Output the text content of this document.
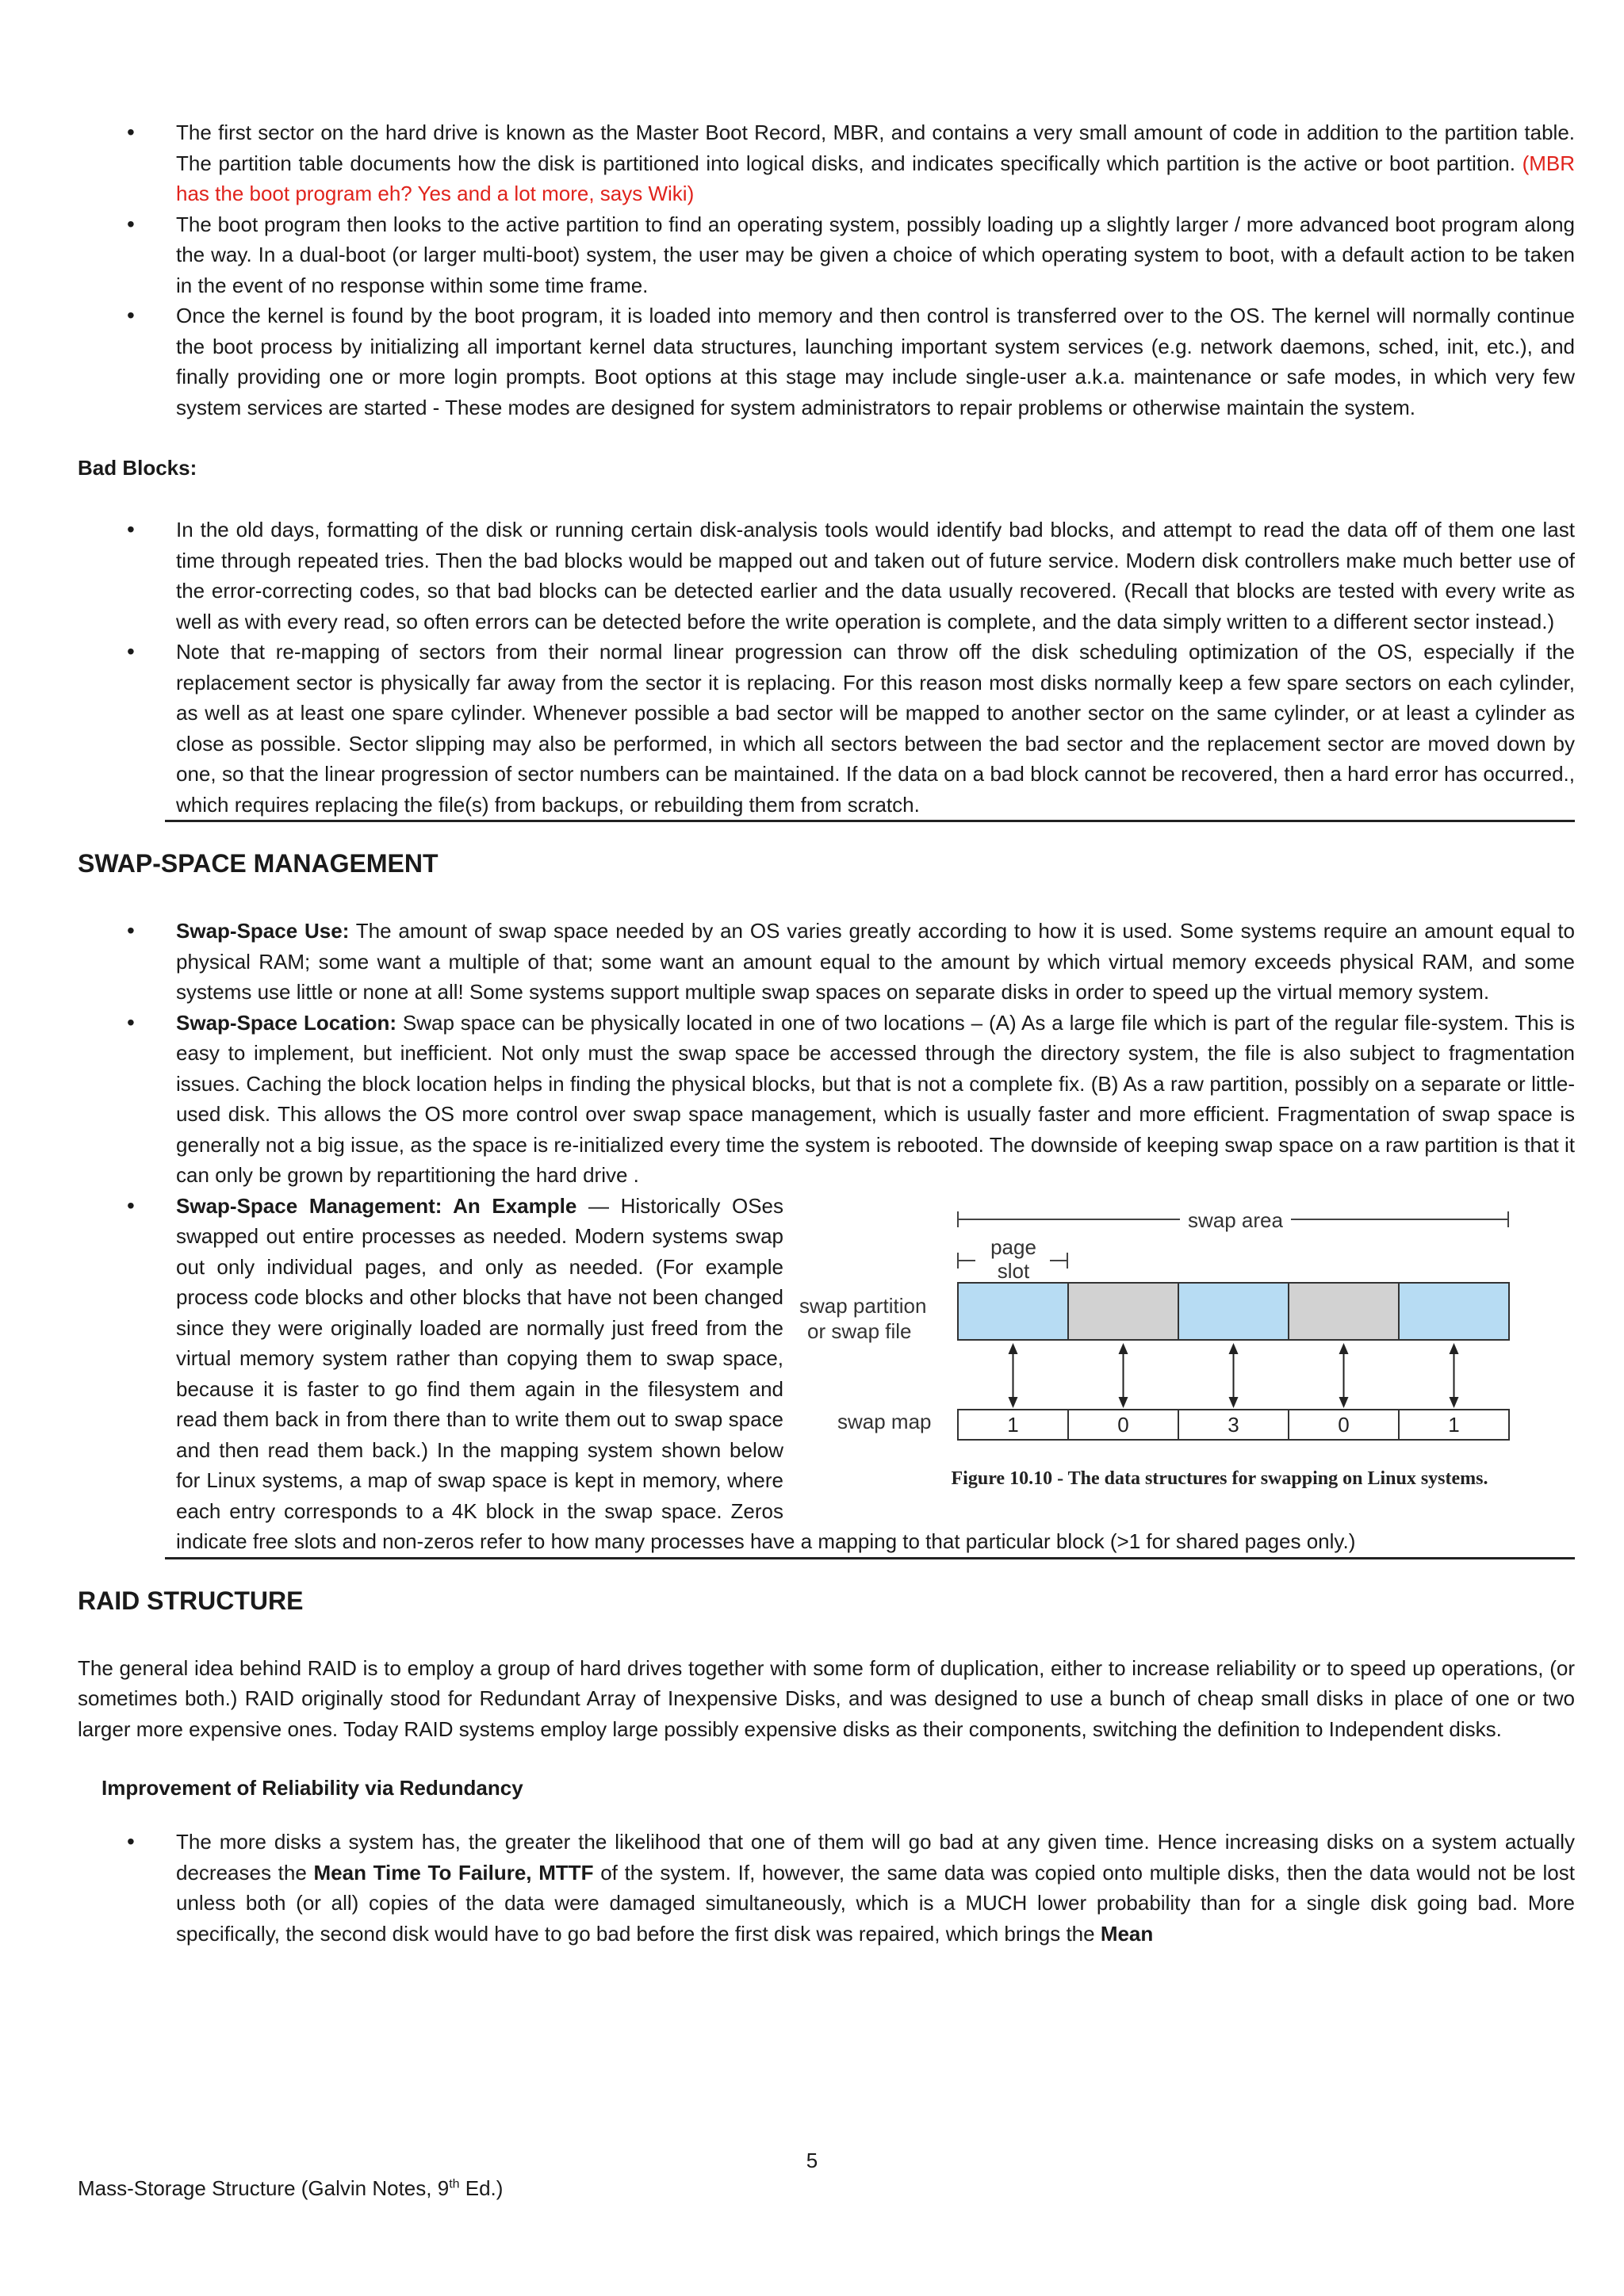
• The first sector on the hard drive is known as the Master Boot Record, MBR, and contains a very small amount of code in addition to the partition table. The partition table documents how the disk is partitioned into logical disks, and indicates specifically which partition is the active or boot partition. (MBR has the boot program eh? Yes and a lot more, says Wiki)
• The boot program then looks to the active partition to find an operating system, possibly loading up a slightly larger / more advanced boot program along the way. In a dual-boot (or larger multi-boot) system, the user may be given a choice of which operating system to boot, with a default action to be taken in the event of no response within some time frame.
• Once the kernel is found by the boot program, it is loaded into memory and then control is transferred over to the OS. The kernel will normally continue the boot process by initializing all important kernel data structures, launching important system services (e.g. network daemons, sched, init, etc.), and finally providing one or more login prompts. Boot options at this stage may include single-user a.k.a. maintenance or safe modes, in which very few system services are started - These modes are designed for system administrators to repair problems or otherwise maintain the system.
Bad Blocks:
• In the old days, formatting of the disk or running certain disk-analysis tools would identify bad blocks, and attempt to read the data off of them one last time through repeated tries. Then the bad blocks would be mapped out and taken out of future service. Modern disk controllers make much better use of the error-correcting codes, so that bad blocks can be detected earlier and the data usually recovered. (Recall that blocks are tested with every write as well as with every read, so often errors can be detected before the write operation is complete, and the data simply written to a different sector instead.)
• Note that re-mapping of sectors from their normal linear progression can throw off the disk scheduling optimization of the OS, especially if the replacement sector is physically far away from the sector it is replacing. For this reason most disks normally keep a few spare sectors on each cylinder, as well as at least one spare cylinder. Whenever possible a bad sector will be mapped to another sector on the same cylinder, or at least a cylinder as close as possible. Sector slipping may also be performed, in which all sectors between the bad sector and the replacement sector are moved down by one, so that the linear progression of sector numbers can be maintained. If the data on a bad block cannot be recovered, then a hard error has occurred., which requires replacing the file(s) from backups, or rebuilding them from scratch.
SWAP-SPACE MANAGEMENT
• Swap-Space Use: The amount of swap space needed by an OS varies greatly according to how it is used. Some systems require an amount equal to physical RAM; some want a multiple of that; some want an amount equal to the amount by which virtual memory exceeds physical RAM, and some systems use little or none at all! Some systems support multiple swap spaces on separate disks in order to speed up the virtual memory system.
• Swap-Space Location: Swap space can be physically located in one of two locations – (A) As a large file which is part of the regular file-system. This is easy to implement, but inefficient. Not only must the swap space be accessed through the directory system, the file is also subject to fragmentation issues. Caching the block location helps in finding the physical blocks, but that is not a complete fix. (B) As a raw partition, possibly on a separate or little-used disk. This allows the OS more control over swap space management, which is usually faster and more efficient. Fragmentation of swap space is generally not a big issue, as the space is re-initialized every time the system is rebooted. The downside of keeping swap space on a raw partition is that it can only be grown by repartitioning the hard drive .
• swap area
page
slot
swap partition
or swap file
swap map	1	0	3	0	1
Figure 10.10 - The data structures for swapping on Linux systems.
Swap-Space Management: An Example — Historically OSes swapped out entire processes as needed. Modern systems swap out only individual pages, and only as needed. (For example process code blocks and other blocks that have not been changed since they were originally loaded are normally just freed from the virtual memory system rather than copying them to swap space, because it is faster to go find them again in the filesystem and read them back in from there than to write them out to swap space and then read them back.) In the mapping system shown below for Linux systems, a map of swap space is kept in memory, where each entry corresponds to a 4K block in the swap space. Zeros indicate free slots and non-zeros refer to how many processes have a mapping to that particular block (>1 for shared pages only.)
RAID STRUCTURE

The general idea behind RAID is to employ a group of hard drives together with some form of duplication, either to increase reliability or to speed up operations, (or sometimes both.) RAID originally stood for Redundant Array of Inexpensive Disks, and was designed to use a bunch of cheap small disks in place of one or two larger more expensive ones. Today RAID systems employ large possibly expensive disks as their components, switching the definition to Independent disks.

Improvement of Reliability via Redundancy
• The more disks a system has, the greater the likelihood that one of them will go bad at any given time. Hence increasing disks on a system actually decreases the Mean Time To Failure, MTTF of the system. If, however, the same data was copied onto multiple disks, then the data would not be lost unless both (or all) copies of the data were damaged simultaneously, which is a MUCH lower probability than for a single disk going bad. More specifically, the second disk would have to go bad before the first disk was repaired, which brings the Mean
5
Mass-Storage Structure (Galvin Notes, 9th Ed.)
